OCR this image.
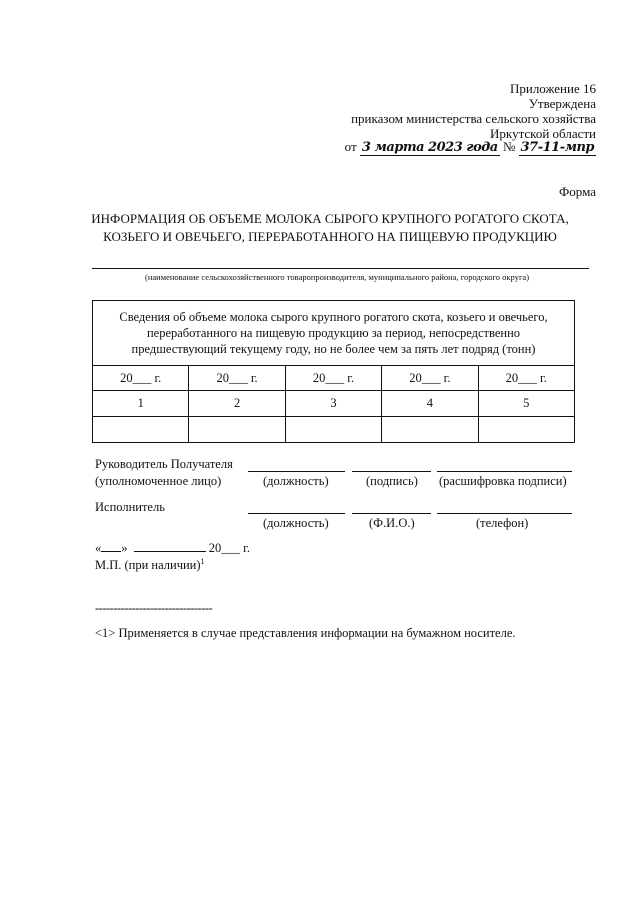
Приложение 16
Утверждена
приказом министерства сельского хозяйства
Иркутской области
от 3 марта 2023 года № 37-11-мпр
Форма
ИНФОРМАЦИЯ ОБ ОБЪЕМЕ МОЛОКА СЫРОГО КРУПНОГО РОГАТОГО СКОТА,
КОЗЬЕГО И ОВЕЧЬЕГО, ПЕРЕРАБОТАННОГО НА ПИЩЕВУЮ ПРОДУКЦИЮ
(наименование сельскохозяйственного товаропроизводителя, муниципального района, городского округа)
Сведения об объеме молока сырого крупного рогатого скота, козьего и овечьего,
переработанного на пищевую продукцию за период, непосредственно
предшествующий текущему году, но не более чем за пять лет подряд (тонн)				

20___ г.	20___ г.	20___ г.	20___ г.	20___ г.
1	2	3	4	5

Руководитель Получателя
(уполномоченное лицо)	(должность)	(подпись) (расшифровка подписи)
Исполнитель
(должность)	(Ф.И.О.)	(телефон)
« »	20___ г.
М.П. (при наличии)$^1$
--------------------------------
<1> Применяется в случае представления информации на бумажном носителе.
